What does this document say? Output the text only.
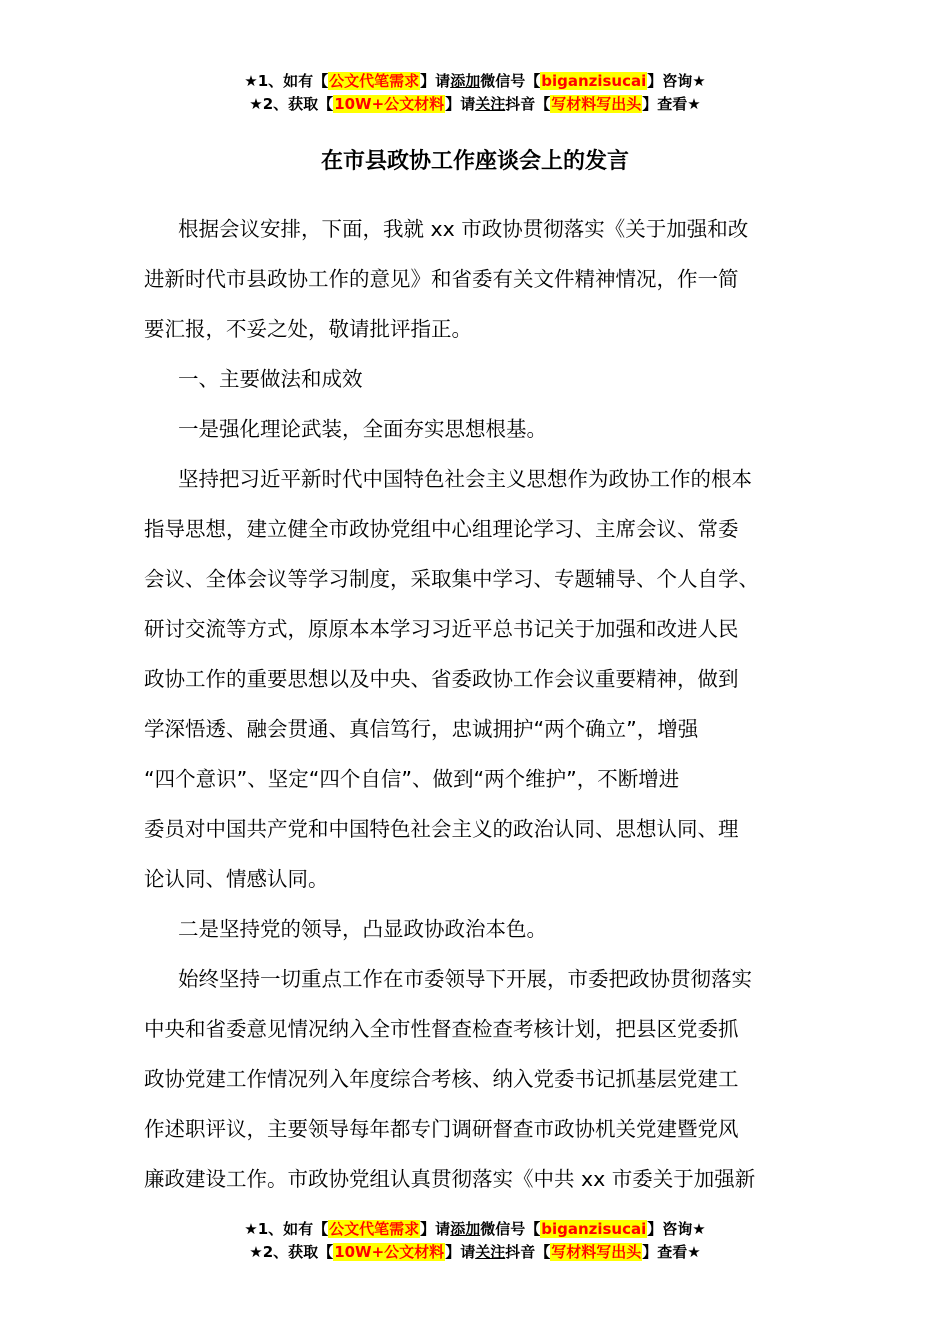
★1、如有【公文代笔需求】请添加微信号【biganzisucai】咨询★
★2、获取【10W+公文材料】请关注抖音【写材料写出头】查看★
在市县政协工作座谈会上的发言
根据会议安排，下面，我就 xx 市政协贯彻落实《关于加强和改
进新时代市县政协工作的意见》和省委有关文件精神情况，作一简
要汇报，不妥之处，敬请批评指正。
一、主要做法和成效
一是强化理论武装，全面夯实思想根基。
坚持把习近平新时代中国特色社会主义思想作为政协工作的根本
指导思想，建立健全市政协党组中心组理论学习、主席会议、常委
会议、全体会议等学习制度，采取集中学习、专题辅导、个人自学、
研讨交流等方式，原原本本学习习近平总书记关于加强和改进人民
政协工作的重要思想以及中央、省委政协工作会议重要精神，做到
学深悟透、融会贯通、真信笃行，忠诚拥护“两个确立”，增强
“四个意识”、坚定“四个自信”、做到“两个维护”，不断增进
委员对中国共产党和中国特色社会主义的政治认同、思想认同、理
论认同、情感认同。
二是坚持党的领导，凸显政协政治本色。
始终坚持一切重点工作在市委领导下开展，市委把政协贯彻落实
中央和省委意见情况纳入全市性督查检查考核计划，把县区党委抓
政协党建工作情况列入年度综合考核、纳入党委书记抓基层党建工
作述职评议，主要领导每年都专门调研督查市政协机关党建暨党风
廉政建设工作。市政协党组认真贯彻落实《中共 xx 市委关于加强新
★1、如有【公文代笔需求】请添加微信号【biganzisucai】咨询★
★2、获取【10W+公文材料】请关注抖音【写材料写出头】查看★
